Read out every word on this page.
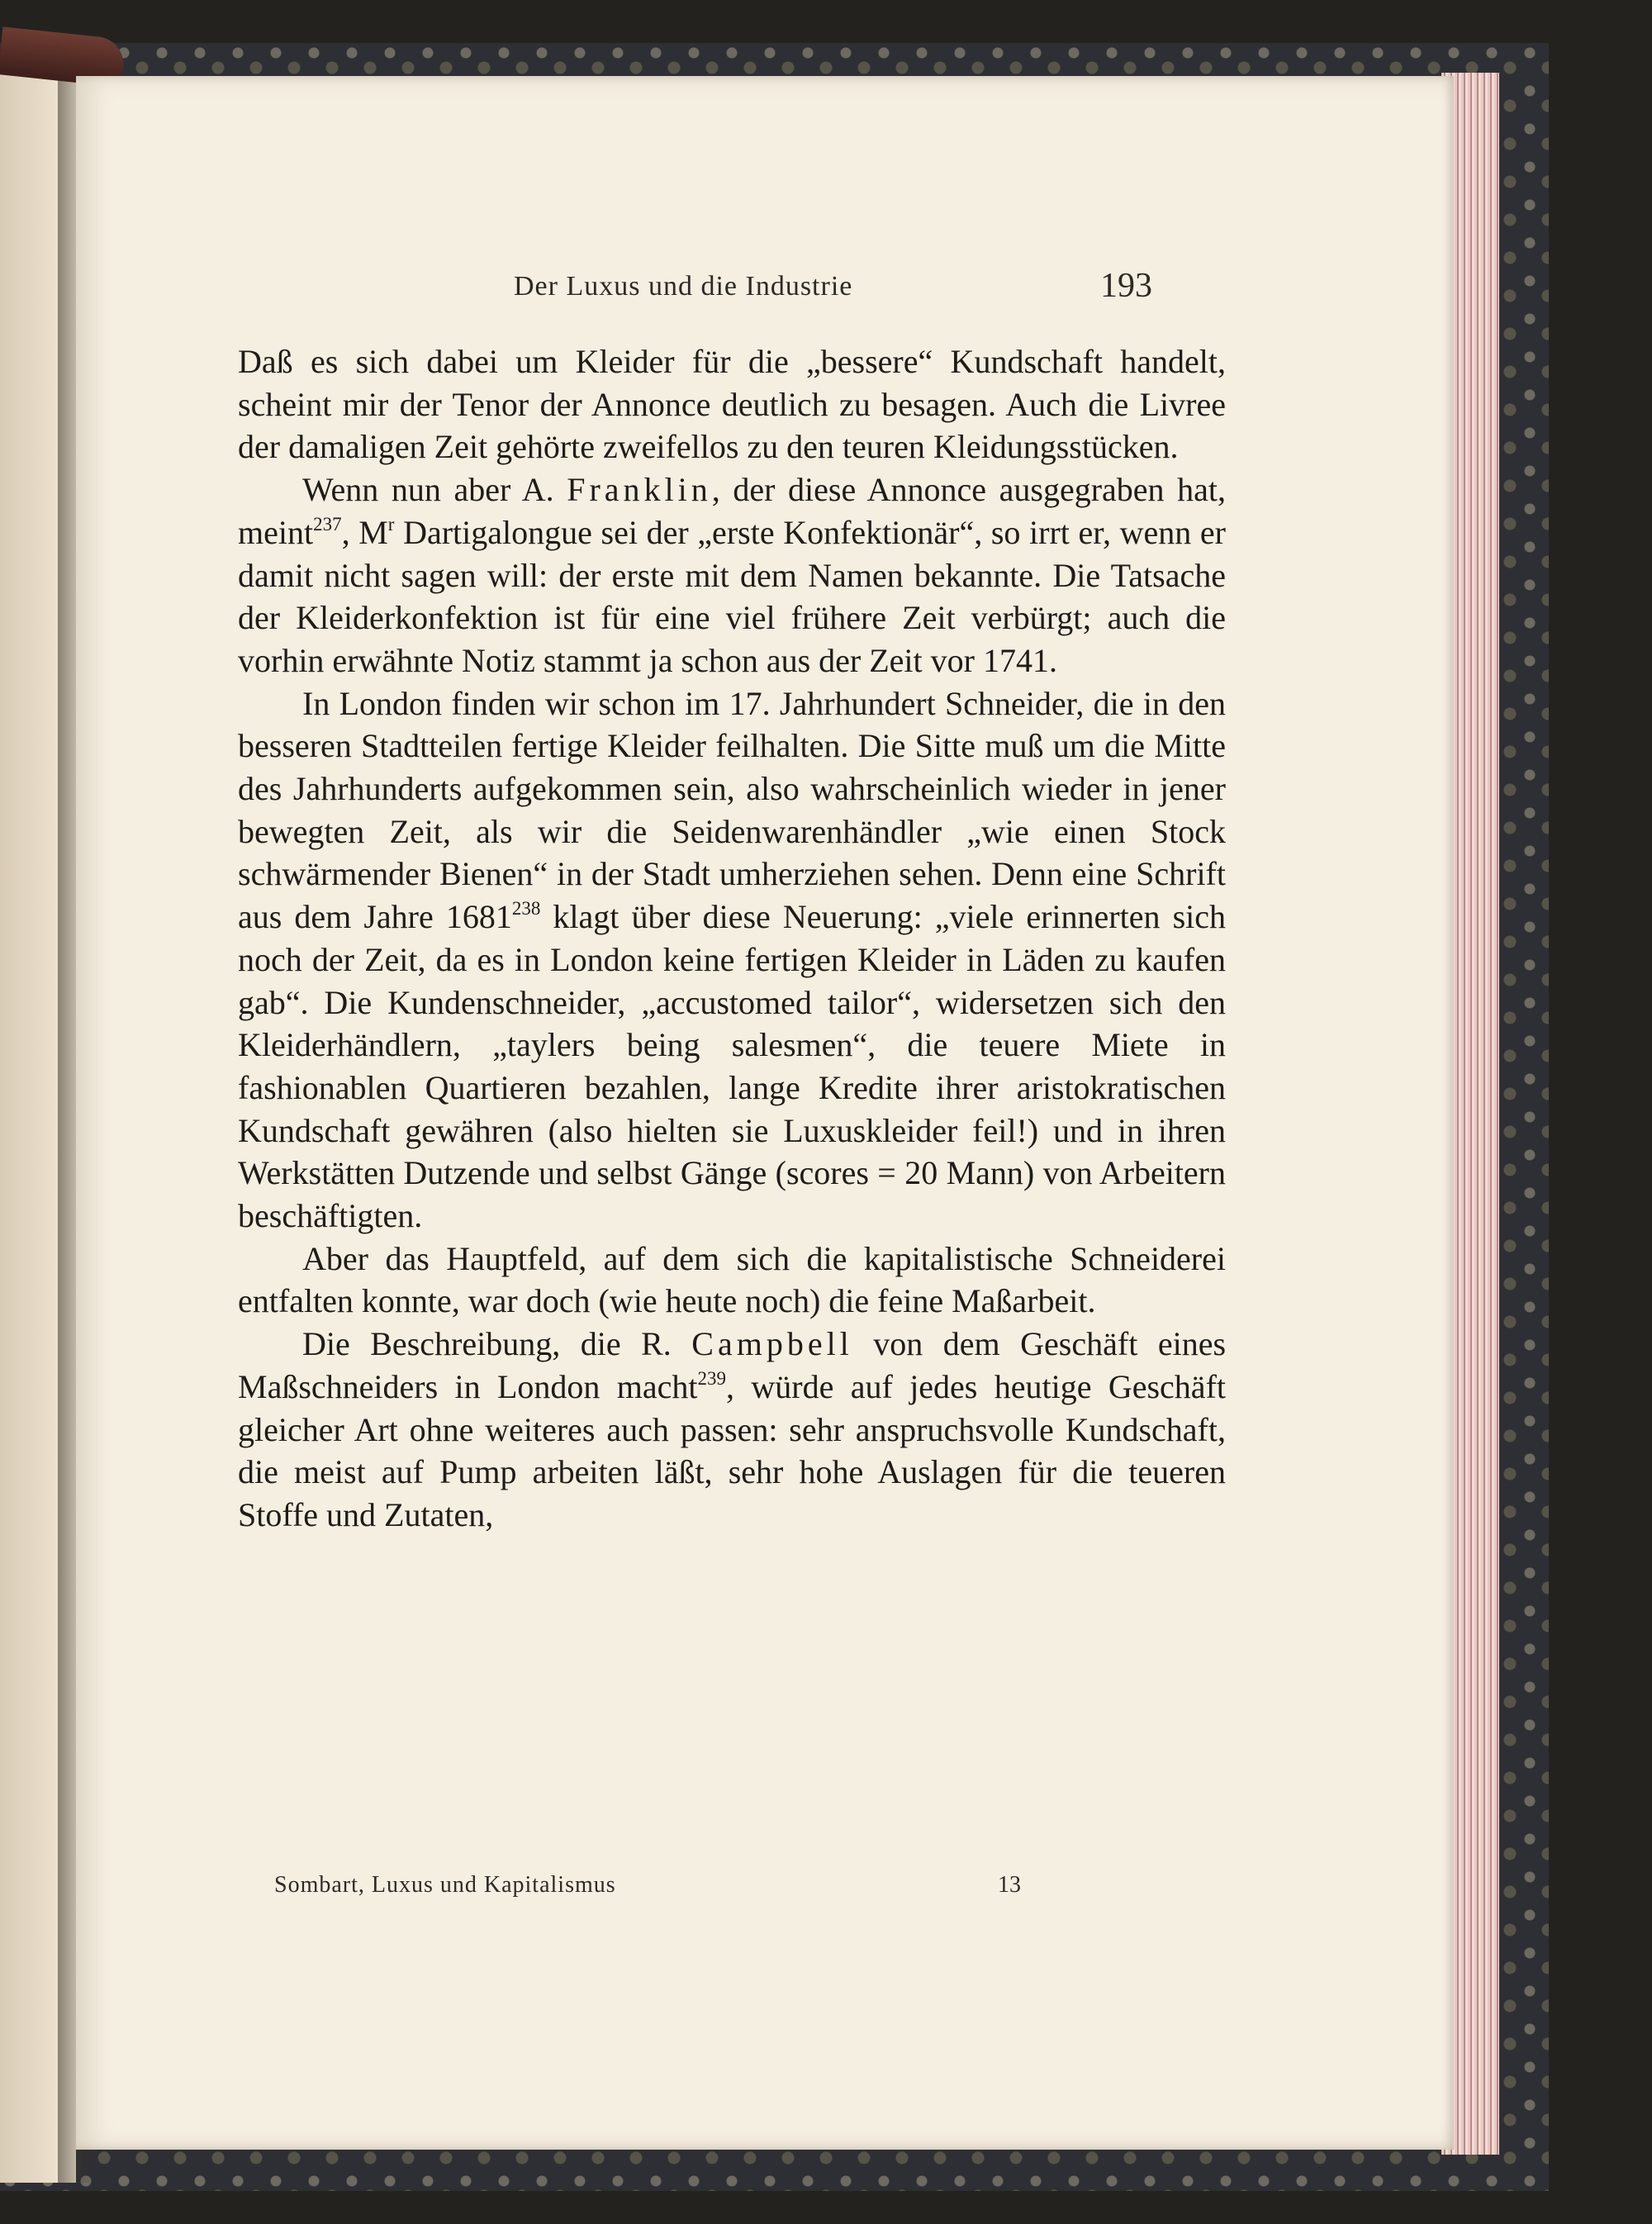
Der Luxus und die Industrie	193

Daß es sich dabei um Kleider für die „bessere“ Kundschaft handelt, scheint mir der Tenor der Annonce deutlich zu besagen. Auch die Livree der damaligen Zeit gehörte zweifellos zu den teuren Kleidungsstücken.

Wenn nun aber A. Franklin, der diese Annonce ausgegraben hat, meint$^{237}$, $M^r$ Dartigalongue sei der „erste Konfektionär“, so irrt er, wenn er damit nicht sagen will: der erste mit dem Namen bekannte. Die Tatsache der Kleiderkonfektion ist für eine viel frühere Zeit verbürgt; auch die vorhin erwähnte Notiz stammt ja schon aus der Zeit vor 1741.

In London finden wir schon im 17. Jahrhundert Schneider, die in den besseren Stadtteilen fertige Kleider feilhalten. Die Sitte muß um die Mitte des Jahrhunderts aufgekommen sein, also wahrscheinlich wieder in jener bewegten Zeit, als wir die Seidenwarenhändler „wie einen Stock schwärmender Bienen“ in der Stadt umherziehen sehen. Denn eine Schrift aus dem Jahre 1681$^{238}$ klagt über diese Neuerung: „viele erinnerten sich noch der Zeit, da es in London keine fertigen Kleider in Läden zu kaufen gab“. Die Kundenschneider, „accustomed tailor“, widersetzen sich den Kleiderhändlern, „taylers being salesmen“, die teuere Miete in fashionablen Quartieren bezahlen, lange Kredite ihrer aristokratischen Kundschaft gewähren (also hielten sie Luxuskleider feil!) und in ihren Werkstätten Dutzende und selbst Gänge (scores = 20 Mann) von Arbeitern beschäftigten.

Aber das Hauptfeld, auf dem sich die kapitalistische Schneiderei entfalten konnte, war doch (wie heute noch) die feine Maßarbeit.

Die Beschreibung, die R. Campbell von dem Geschäft eines Maßschneiders in London macht$^{239}$, würde auf jedes heutige Geschäft gleicher Art ohne weiteres auch passen: sehr anspruchsvolle Kundschaft, die meist auf Pump arbeiten läßt, sehr hohe Auslagen für die teueren Stoffe und Zutaten,

Sombart, Luxus und Kapitalismus	13
